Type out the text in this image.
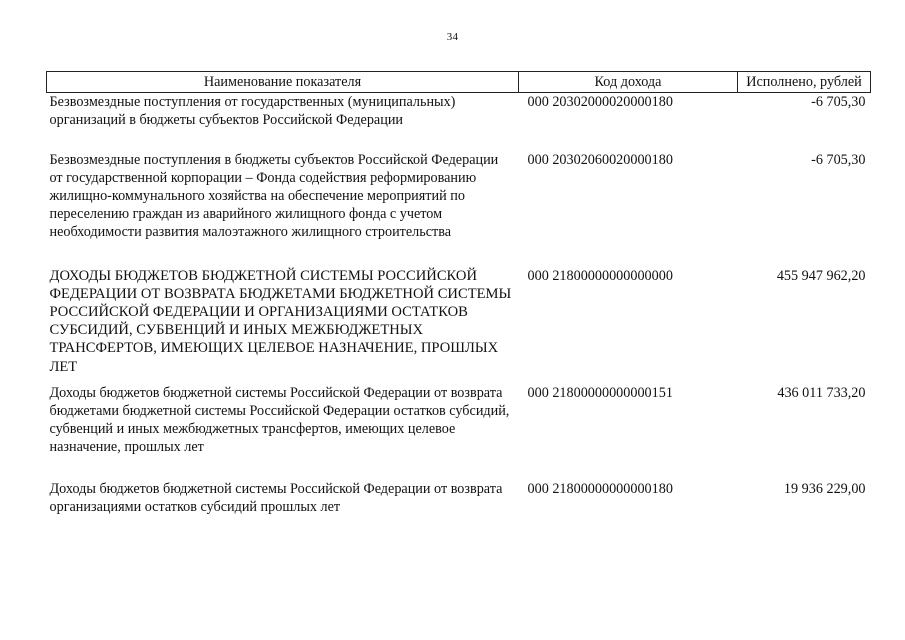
34
Наименование показателя	Код дохода	Исполнено, рублей
Безвозмездные поступления от государственных (муниципальных) организаций в бюджеты субъектов Российской Федерации	000 20302000020000180	-6 705,30
Безвозмездные поступления в бюджеты субъектов Российской Федерации от государственной корпорации – Фонда содействия реформированию жилищно-коммунального хозяйства на обеспечение мероприятий по переселению граждан из аварийного жилищного фонда с учетом необходимости развития малоэтажного жилищного строительства	000 20302060020000180	-6 705,30
ДОХОДЫ БЮДЖЕТОВ БЮДЖЕТНОЙ СИСТЕМЫ РОССИЙСКОЙ ФЕДЕРАЦИИ ОТ ВОЗВРАТА БЮДЖЕТАМИ БЮДЖЕТНОЙ СИСТЕМЫ РОССИЙСКОЙ ФЕДЕРАЦИИ И ОРГАНИЗАЦИЯМИ ОСТАТКОВ СУБСИДИЙ, СУБВЕНЦИЙ И ИНЫХ МЕЖБЮДЖЕТНЫХ ТРАНСФЕРТОВ, ИМЕЮЩИХ ЦЕЛЕВОЕ НАЗНАЧЕНИЕ, ПРОШЛЫХ ЛЕТ	000 21800000000000000	455 947 962,20
Доходы бюджетов бюджетной системы Российской Федерации от возврата бюджетами бюджетной системы Российской Федерации остатков субсидий, субвенций и иных межбюджетных трансфертов, имеющих целевое назначение, прошлых лет	000 21800000000000151	436 011 733,20
Доходы бюджетов бюджетной системы Российской Федерации от возврата организациями остатков субсидий прошлых лет	000 21800000000000180	19 936 229,00
